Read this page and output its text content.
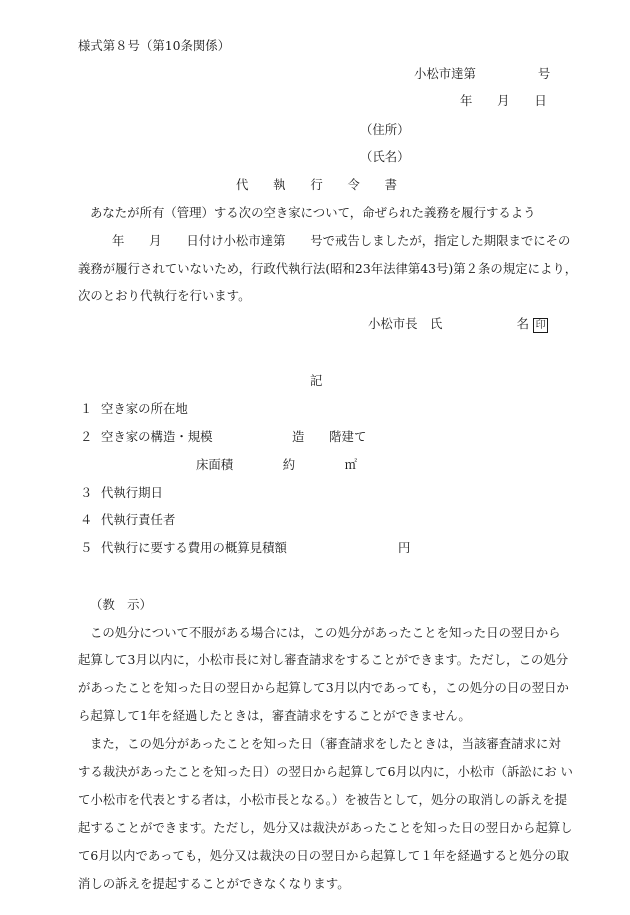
様式第８号（第10条関係）
小松市達第　　　　　号
年　　月　　日
（住所）
（氏名）
代　　執　　行　　令　　書
あなたが所有（管理）する次の空き家について，命ぜられた義務を履行するよう
年　　月　　日付け小松市達第　　号で戒告しましたが，指定した期限までにその
義務が履行されていないため，行政代執行法(昭和23年法律第43号)第２条の規定により，
次のとおり代執行を行います。
小松市長　氏　　　　　　名 印
記
１ 空き家の所在地
２ 空き家の構造・規模	造　　階建て
床面積　　　　約　　　　㎡
３ 代執行期日
４ 代執行責任者
５ 代執行に要する費用の概算見積額	円
（教　示）
この処分について不服がある場合には，この処分があったことを知った日の翌日から
起算して3月以内に，小松市長に対し審査請求をすることができます。ただし，この処分
があったことを知った日の翌日から起算して3月以内であっても，この処分の日の翌日か
ら起算して1年を経過したときは，審査請求をすることができません。
また，この処分があったことを知った日（審査請求をしたときは，当該審査請求に対
する裁決があったことを知った日）の翌日から起算して6月以内に，小松市（訴訟にお い
て小松市を代表とする者は，小松市長となる。）を被告として，処分の取消しの訴えを提
起することができます。ただし，処分又は裁決があったことを知った日の翌日から起算し
て6月以内であっても，処分又は裁決の日の翌日から起算して１年を経過すると処分の取
消しの訴えを提起することができなくなります。
